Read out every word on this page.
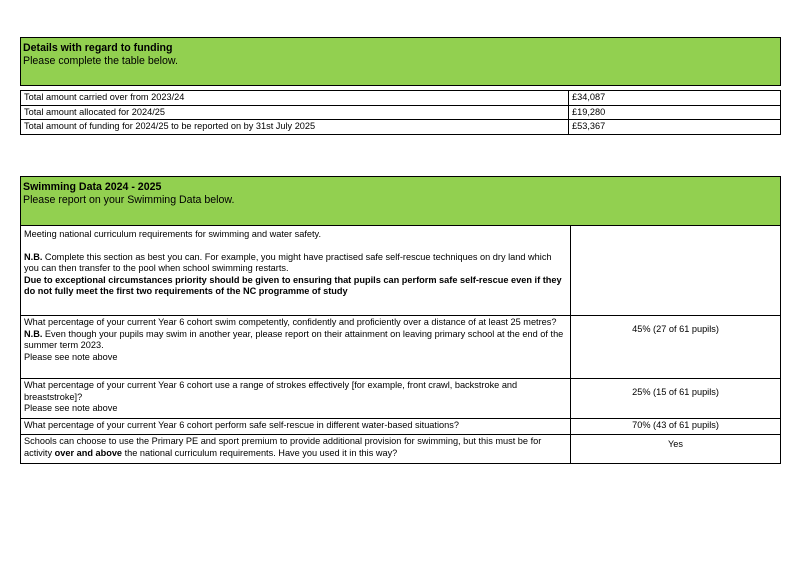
Details with regard to funding
Please complete the table below.	

Total amount carried over from 2023/24	£34,087
Total amount allocated for 2024/25	£19,280
Total amount of funding for 2024/25 to be reported on by 31st July 2025	£53,367
Swimming Data 2024 - 2025
Please report on your Swimming Data below.	

Meeting national curriculum requirements for swimming and water safety.
N.B. Complete this section as best you can. For example, you might have practised safe self-rescue techniques on dry land which you can then transfer to the pool when school swimming restarts.
Due to exceptional circumstances priority should be given to ensuring that pupils can perform safe self-rescue even if they do not fully meet the first two requirements of the NC programme of study	

What percentage of your current Year 6 cohort swim competently, confidently and proficiently over a distance of at least 25 metres?
N.B. Even though your pupils may swim in another year, please report on their attainment on leaving primary school at the end of the summer term 2023.
Please see note above	45% (27 of 61 pupils)

What percentage of your current Year 6 cohort use a range of strokes effectively [for example, front crawl, backstroke and breaststroke]?
Please see note above	25% (15 of 61 pupils)
What percentage of your current Year 6 cohort perform safe self-rescue in different water-based situations?	70% (43 of 61 pupils)
Schools can choose to use the Primary PE and sport premium to provide additional provision for swimming, but this must be for activity over and above the national curriculum requirements. Have you used it in this way?	Yes
